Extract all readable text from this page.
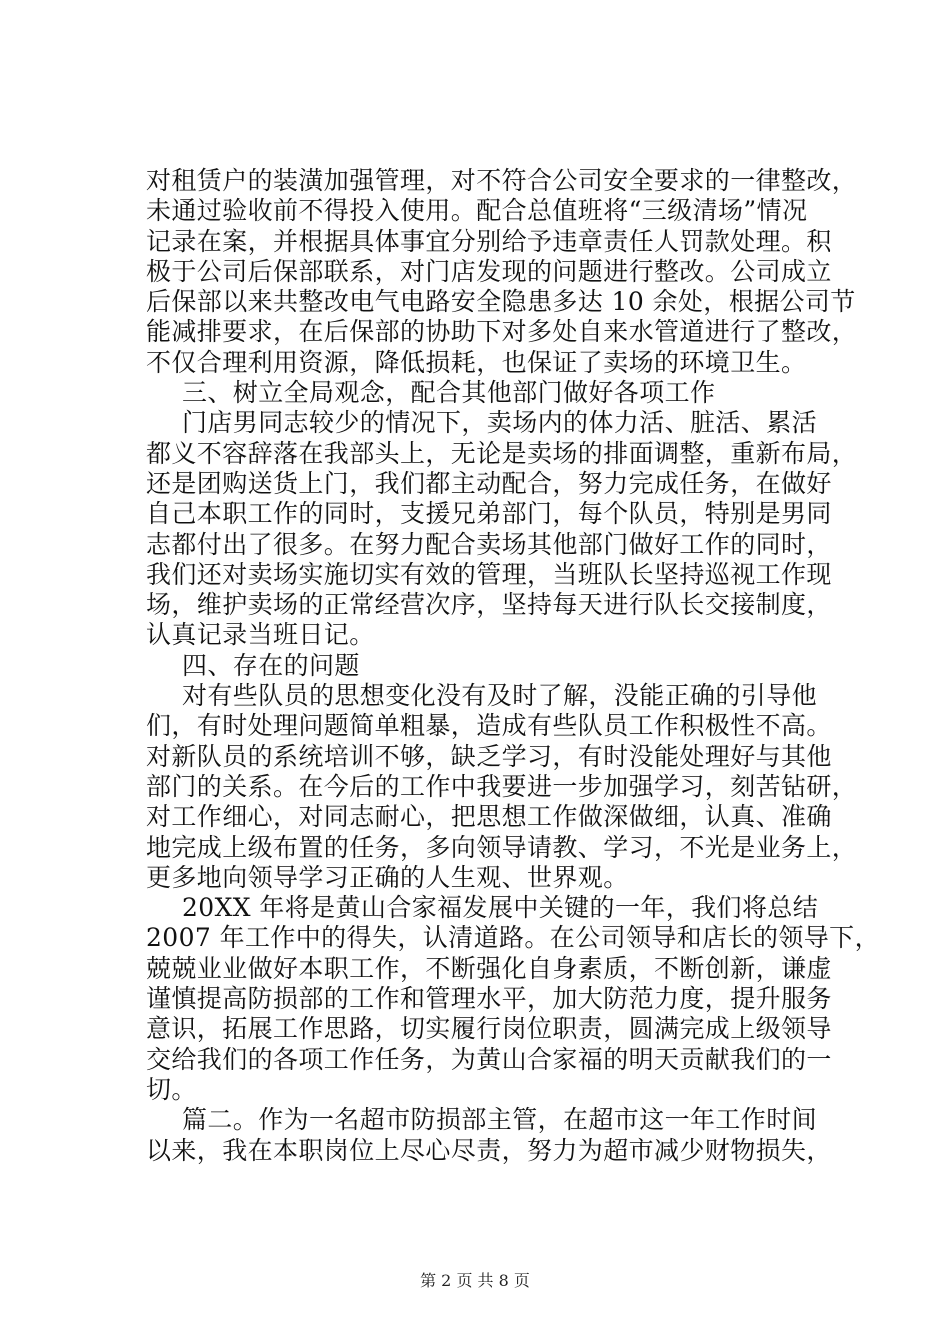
对租赁户的装潢加强管理，对不符合公司安全要求的一律整改，
未通过验收前不得投入使用。配合总值班将“三级清场”情况
记录在案，并根据具体事宜分别给予违章责任人罚款处理。积
极于公司后保部联系，对门店发现的问题进行整改。公司成立
后保部以来共整改电气电路安全隐患多达 10 余处，根据公司节
能减排要求，在后保部的协助下对多处自来水管道进行了整改，
不仅合理利用资源，降低损耗，也保证了卖场的环境卫生。
三、树立全局观念，配合其他部门做好各项工作
门店男同志较少的情况下，卖场内的体力活、脏活、累活
都义不容辞落在我部头上，无论是卖场的排面调整，重新布局，
还是团购送货上门，我们都主动配合，努力完成任务，在做好
自己本职工作的同时，支援兄弟部门，每个队员，特别是男同
志都付出了很多。在努力配合卖场其他部门做好工作的同时，
我们还对卖场实施切实有效的管理，当班队长坚持巡视工作现
场，维护卖场的正常经营次序，坚持每天进行队长交接制度，
认真记录当班日记。
四、存在的问题
对有些队员的思想变化没有及时了解，没能正确的引导他
们，有时处理问题简单粗暴，造成有些队员工作积极性不高。
对新队员的系统培训不够，缺乏学习，有时没能处理好与其他
部门的关系。在今后的工作中我要进一步加强学习，刻苦钻研，
对工作细心，对同志耐心，把思想工作做深做细，认真、准确
地完成上级布置的任务，多向领导请教、学习，不光是业务上，
更多地向领导学习正确的人生观、世界观。
20XX 年将是黄山合家福发展中关键的一年，我们将总结
2007 年工作中的得失，认清道路。在公司领导和店长的领导下，
兢兢业业做好本职工作，不断强化自身素质，不断创新，谦虚
谨慎提高防损部的工作和管理水平，加大防范力度，提升服务
意识，拓展工作思路，切实履行岗位职责，圆满完成上级领导
交给我们的各项工作任务，为黄山合家福的明天贡献我们的一
切。
篇二。作为一名超市防损部主管，在超市这一年工作时间
以来，我在本职岗位上尽心尽责，努力为超市减少财物损失，
第 2 页 共 8 页
